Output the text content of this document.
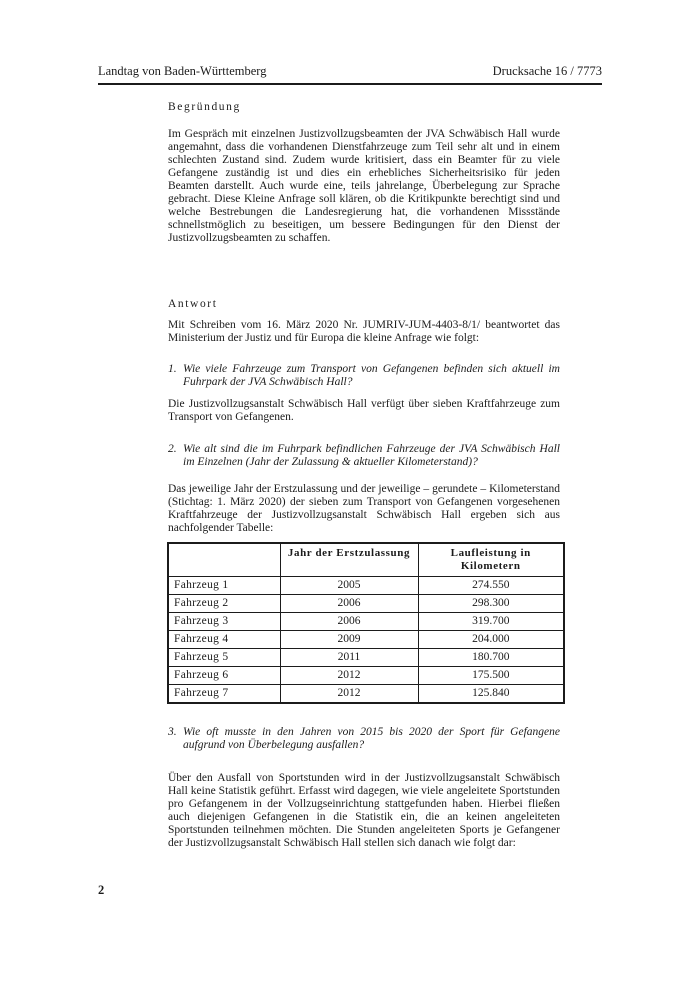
Landtag von Baden-Württemberg	Drucksache 16 / 7773
Begründung

Im Gespräch mit einzelnen Justizvollzugsbeamten der JVA Schwäbisch Hall wurde angemahnt, dass die vorhandenen Dienstfahrzeuge zum Teil sehr alt und in einem schlechten Zustand sind. Zudem wurde kritisiert, dass ein Beamter für zu viele Gefangene zuständig ist und dies ein erhebliches Sicherheitsrisiko für jeden Beamten darstellt. Auch wurde eine, teils jahrelange, Überbelegung zur Sprache gebracht. Diese Kleine Anfrage soll klären, ob die Kritikpunkte berechtigt sind und welche Bestrebungen die Landesregierung hat, die vorhandenen Missstände schnellstmöglich zu beseitigen, um bessere Bedingungen für den Dienst der Justizvollzugsbeamten zu schaffen.

Antwort

Mit Schreiben vom 16. März 2020 Nr. JUMRIV-JUM-4403-8/1/ beantwortet das Ministerium der Justiz und für Europa die kleine Anfrage wie folgt:

1. Wie viele Fahrzeuge zum Transport von Gefangenen befinden sich aktuell im Fuhrpark der JVA Schwäbisch Hall?

Die Justizvollzugsanstalt Schwäbisch Hall verfügt über sieben Kraftfahrzeuge zum Transport von Gefangenen.

2. Wie alt sind die im Fuhrpark befindlichen Fahrzeuge der JVA Schwäbisch Hall im Einzelnen (Jahr der Zulassung & aktueller Kilometerstand)?

Das jeweilige Jahr der Erstzulassung und der jeweilige – gerundete – Kilometerstand (Stichtag: 1. März 2020) der sieben zum Transport von Gefangenen vorgesehenen Kraftfahrzeuge der Justizvollzugsanstalt Schwäbisch Hall ergeben sich aus nachfolgender Tabelle:

	Jahr der Erstzulassung	Laufleistung in Kilometern
Fahrzeug 1	2005	274.550
Fahrzeug 2	2006	298.300
Fahrzeug 3	2006	319.700
Fahrzeug 4	2009	204.000
Fahrzeug 5	2011	180.700
Fahrzeug 6	2012	175.500
Fahrzeug 7	2012	125.840
3. Wie oft musste in den Jahren von 2015 bis 2020 der Sport für Gefangene aufgrund von Überbelegung ausfallen?

Über den Ausfall von Sportstunden wird in der Justizvollzugsanstalt Schwäbisch Hall keine Statistik geführt. Erfasst wird dagegen, wie viele angeleitete Sportstunden pro Gefangenem in der Vollzugseinrichtung stattgefunden haben. Hierbei fließen auch diejenigen Gefangenen in die Statistik ein, die an keinen angeleiteten Sportstunden teilnehmen möchten. Die Stunden angeleiteten Sports je Gefangener der Justizvollzugsanstalt Schwäbisch Hall stellen sich danach wie folgt dar:

2
